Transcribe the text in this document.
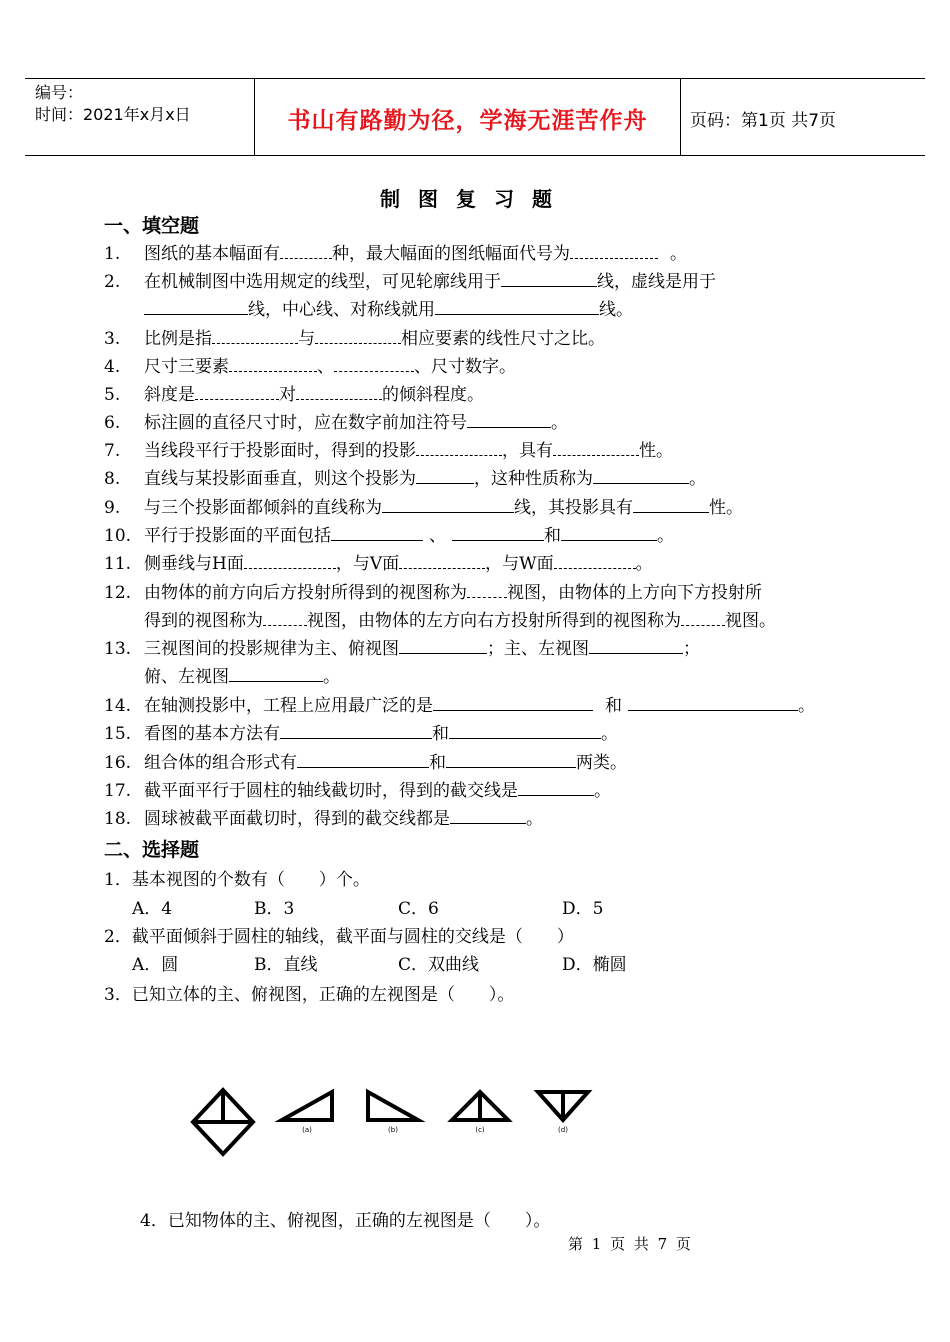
编号：
时间：2021年x月x日	书山有路勤为径，学海无涯苦作舟	页码：第1页 共7页
制图复习题
一、填空题
1. 图纸的基本幅面有	种，最大幅面的图纸幅面代号为	。
2. 在机械制图中选用规定的线型，可见轮廓线用于	线，虚线是用于
线，中心线、对称线就用	线。
3. 比例是指	与	相应要素的线性尺寸之比。
4. 尺寸三要素	、	、尺寸数字。
5. 斜度是	对	的倾斜程度。
6. 标注圆的直径尺寸时，应在数字前加注符号	。
7. 当线段平行于投影面时，得到的投影	，具有	性。
8. 直线与某投影面垂直，则这个投影为	，这种性质称为	。
9. 与三个投影面都倾斜的直线称为	线，其投影具有	性。
10. 平行于投影面的平面包括	、	和	。
11. 侧垂线与H面	，与V面	，与W面	。
12. 由物体的前方向后方投射所得到的视图称为 视图，由物体的上方向下方投射所
得到的视图称为	视图，由物体的左方向右方投射所得到的视图称为	视图。
13. 三视图间的投影规律为主、俯视图	；主、左视图	；
俯、左视图	。
14. 在轴测投影中，工程上应用最广泛的是	和	。
15. 看图的基本方法有	和	。
16. 组合体的组合形式有	和	两类。
17. 截平面平行于圆柱的轴线截切时，得到的截交线是	。
18. 圆球被截平面截切时，得到的截交线都是	。
二、选择题
1．基本视图的个数有（　　）个。
A．4	B．3	C．6	D．5
2．截平面倾斜于圆柱的轴线，截平面与圆柱的交线是（　　）
A．圆	B．直线	C．双曲线	D．椭圆
3．已知立体的主、俯视图，正确的左视图是（　　）。
(a)	(b)	(c)	(d)
4．已知物体的主、俯视图，正确的左视图是（　　）。
第 1 页 共 7 页
